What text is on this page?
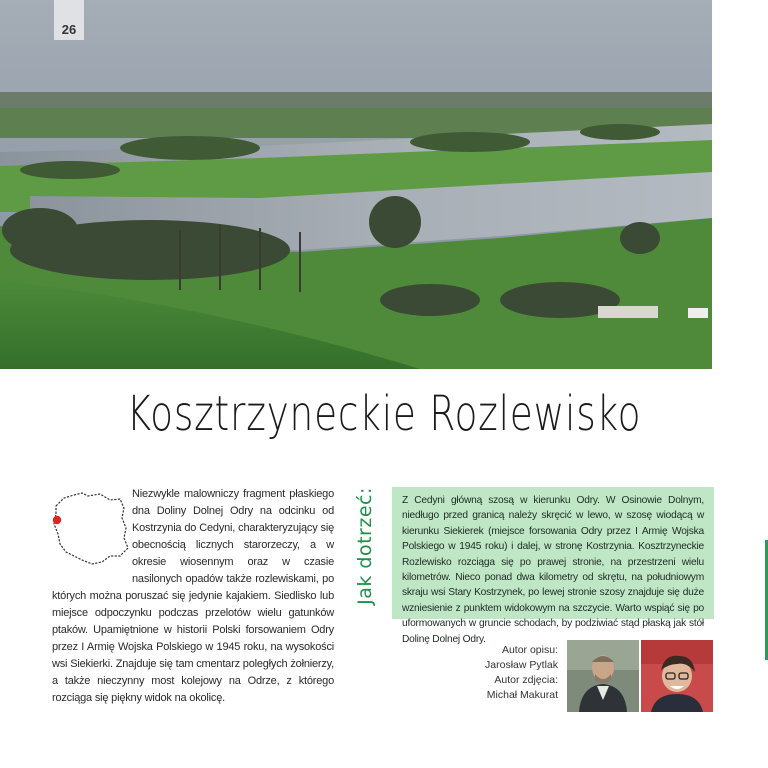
26
Kosztrzyneckie Rozlewisko

Niezwykle malowniczy fragment płaskiego dna Doliny Dolnej Odry na odcinku od Kostrzynia do Cedyni, charakteryzujący się obecnością licznych starorzeczy, a w okresie wiosennym oraz w czasie nasilonych opadów także rozlewiskami, po których można poruszać się jedynie kajakiem. Siedlisko lub miejsce odpoczynku podczas przelotów wielu gatunków ptaków. Upamiętnione w historii Polski forsowaniem Odry przez I Armię Wojska Polskiego w 1945 roku, na wysokości wsi Siekierki. Znajduje się tam cmentarz poległych żołnierzy, a także nieczynny most kolejowy na Odrze, z którego rozciąga się piękny widok na okolicę.

Jak dotrzeć:	Z Cedyni główną szosą w kierunku Odry. W Osinowie Dolnym, niedługo przed granicą należy skręcić w lewo, w szosę wiodącą w kierunku Siekierek (miejsce forsowania Odry przez I Armię Wojska Polskiego w 1945 roku) i dalej, w stronę Kostrzynia. Kosztrzyneckie Rozlewisko rozciąga się po prawej stronie, na przestrzeni wielu kilometrów. Nieco ponad dwa kilometry od skrętu, na południowym skraju wsi Stary Kostrzynek, po lewej stronie szosy znajduje się duże wzniesienie z punktem widokowym na szczycie. Warto wspiąć się po uformowanych w gruncie schodach, by podziwiać stąd płaską jak stół Dolinę Dolnej Odry.
Autor opisu:
Jarosław Pytlak
Autor zdjęcia:
Michał Makurat
